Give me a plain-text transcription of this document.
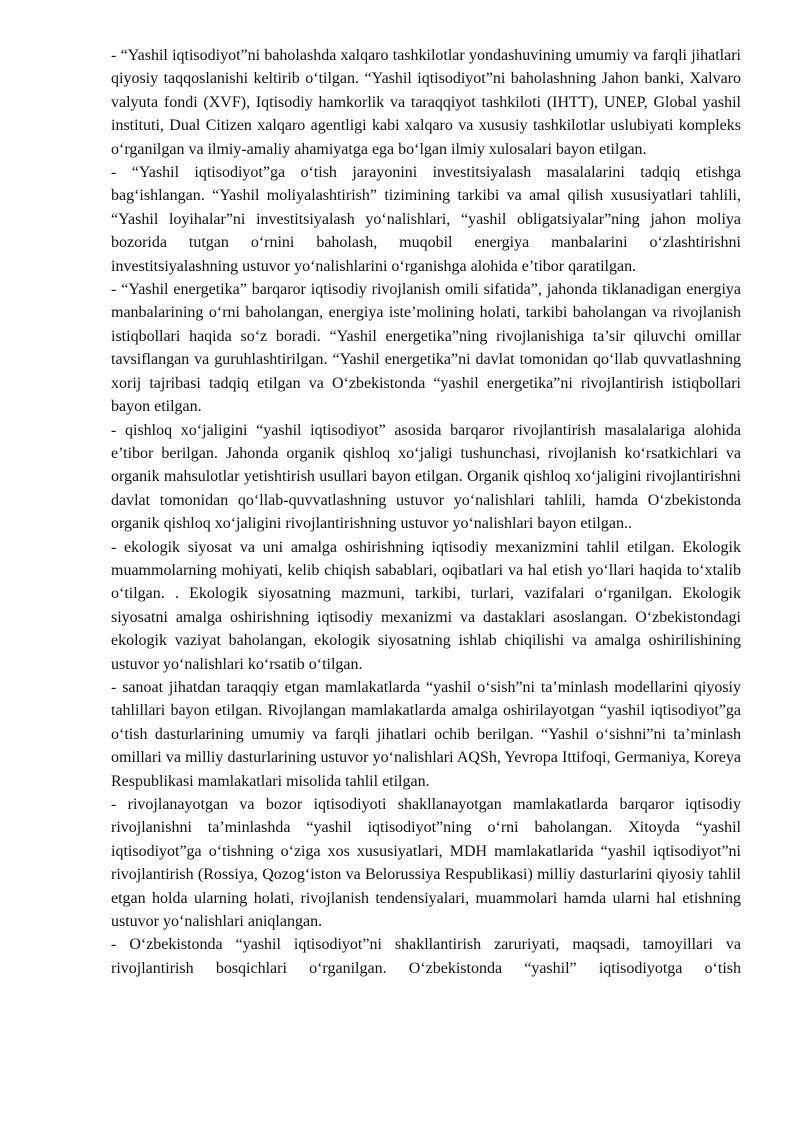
- “Yashil iqtisodiyot”ni baholashda xalqaro tashkilotlar yondashuvining umumiy va farqli jihatlari qiyosiy taqqoslanishi keltirib o‘tilgan. “Yashil iqtisodiyot”ni baholashning Jahon banki, Xalvaro valyuta fondi (XVF), Iqtisodiy hamkorlik va taraqqiyot tashkiloti (IHTT), UNEP, Global yashil instituti, Dual Citizen xalqaro agentligi kabi xalqaro va xususiy tashkilotlar uslubiyati kompleks o‘rganilgan va ilmiy-amaliy ahamiyatga ega bo‘lgan ilmiy xulosalari bayon etilgan.

- “Yashil iqtisodiyot”ga o‘tish jarayonini investitsiyalash masalalarini tadqiq etishga bag‘ishlangan. “Yashil moliyalashtirish” tizimining tarkibi va amal qilish xususiyatlari tahlili, “Yashil loyihalar”ni investitsiyalash yo‘nalishlari, “yashil obligatsiyalar”ning jahon moliya bozorida tutgan o‘rnini baholash, muqobil energiya manbalarini o‘zlashtirishni investitsiyalashning ustuvor yo‘nalishlarini o‘rganishga alohida e’tibor qaratilgan.

- “Yashil energetika” barqaror iqtisodiy rivojlanish omili sifatida”, jahonda tiklanadigan energiya manbalarining o‘rni baholangan, energiya iste’molining holati, tarkibi baholangan va rivojlanish istiqbollari haqida so‘z boradi. “Yashil energetika”ning rivojlanishiga ta’sir qiluvchi omillar tavsiflangan va guruhlashtirilgan. “Yashil energetika”ni davlat tomonidan qo‘llab quvvatlashning xorij tajribasi tadqiq etilgan va O‘zbekistonda “yashil energetika”ni rivojlantirish istiqbollari bayon etilgan.

- qishloq xo‘jaligini “yashil iqtisodiyot” asosida barqaror rivojlantirish masalalariga alohida e’tibor berilgan. Jahonda organik qishloq xo‘jaligi tushunchasi, rivojlanish ko‘rsatkichlari va organik mahsulotlar yetishtirish usullari bayon etilgan. Organik qishloq xo‘jaligini rivojlantirishni davlat tomonidan qo‘llab-quvvatlashning ustuvor yo‘nalishlari tahlili, hamda O‘zbekistonda organik qishloq xo‘jaligini rivojlantirishning ustuvor yo‘nalishlari bayon etilgan..

- ekologik siyosat va uni amalga oshirishning iqtisodiy mexanizmini tahlil etilgan. Ekologik muammolarning mohiyati, kelib chiqish sabablari, oqibatlari va hal etish yo‘llari haqida to‘xtalib o‘tilgan. . Ekologik siyosatning mazmuni, tarkibi, turlari, vazifalari o‘rganilgan. Ekologik siyosatni amalga oshirishning iqtisodiy mexanizmi va dastaklari asoslangan. O‘zbekistondagi ekologik vaziyat baholangan, ekologik siyosatning ishlab chiqilishi va amalga oshirilishining ustuvor yo‘nalishlari ko‘rsatib o‘tilgan.

- sanoat jihatdan taraqqiy etgan mamlakatlarda “yashil o‘sish”ni ta’minlash modellarini qiyosiy tahlillari bayon etilgan. Rivojlangan mamlakatlarda amalga oshirilayotgan “yashil iqtisodiyot”ga o‘tish dasturlarining umumiy va farqli jihatlari ochib berilgan. “Yashil o‘sishni”ni ta’minlash omillari va milliy dasturlarining ustuvor yo‘nalishlari AQSh, Yevropa Ittifoqi, Germaniya, Koreya Respublikasi mamlakatlari misolida tahlil etilgan.

- rivojlanayotgan va bozor iqtisodiyoti shakllanayotgan mamlakatlarda barqaror iqtisodiy rivojlanishni ta’minlashda “yashil iqtisodiyot”ning o‘rni baholangan. Xitoyda “yashil iqtisodiyot”ga o‘tishning o‘ziga xos xususiyatlari, MDH mamlakatlarida “yashil iqtisodiyot”ni rivojlantirish (Rossiya, Qozog‘iston va Belorussiya Respublikasi) milliy dasturlarini qiyosiy tahlil etgan holda ularning holati, rivojlanish tendensiyalari, muammolari hamda ularni hal etishning ustuvor yo‘nalishlari aniqlangan.

- O‘zbekistonda “yashil iqtisodiyot”ni shakllantirish zaruriyati, maqsadi, tamoyillari va rivojlantirish bosqichlari o‘rganilgan. O‘zbekistonda “yashil” iqtisodiyotga o‘tish
